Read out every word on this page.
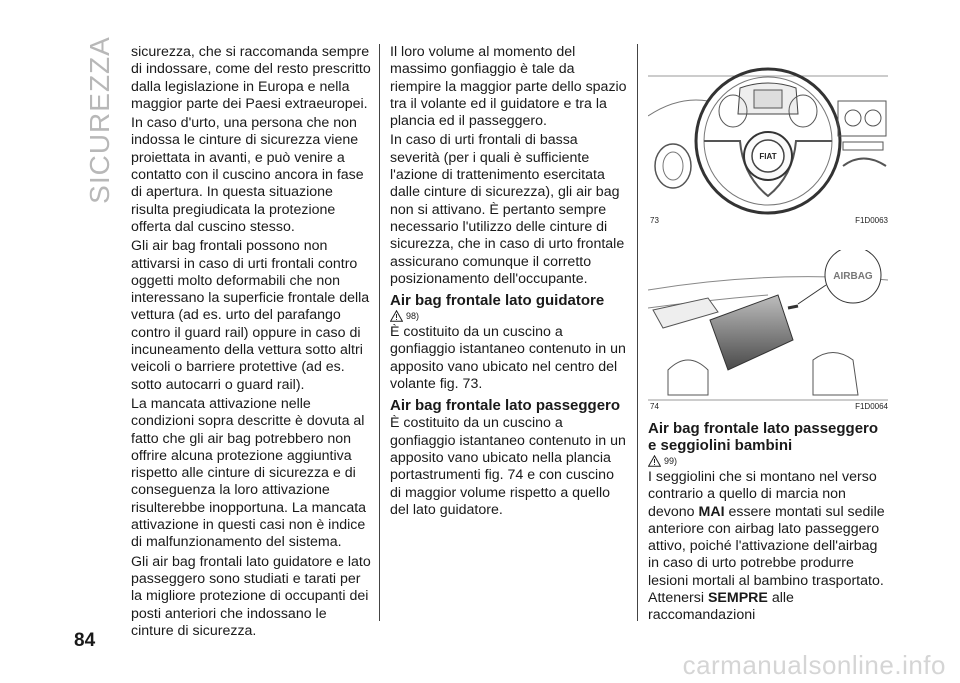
SICUREZZA sicurezza, che si raccomanda sempre di indossare, come del resto prescritto dalla legislazione in Europa e nella maggior parte dei Paesi extraeuropei.

In caso d'urto, una persona che non indossa le cinture di sicurezza viene proiettata in avanti, e può venire a contatto con il cuscino ancora in fase di apertura. In questa situazione risulta pregiudicata la protezione offerta dal cuscino stesso.

Gli air bag frontali possono non attivarsi in caso di urti frontali contro oggetti molto deformabili che non interessano la superficie frontale della vettura (ad es. urto del parafango contro il guard rail) oppure in caso di incuneamento della vettura sotto altri veicoli o barriere protettive (ad es. sotto autocarri o guard rail).

La mancata attivazione nelle condizioni sopra descritte è dovuta al fatto che gli air bag potrebbero non offrire alcuna protezione aggiuntiva rispetto alle cinture di sicurezza e di conseguenza la loro attivazione risulterebbe inopportuna. La mancata attivazione in questi casi non è indice di malfunzionamento del sistema.

Gli air bag frontali lato guidatore e lato passeggero sono studiati e tarati per la migliore protezione di occupanti dei posti anteriori che indossano le cinture di sicurezza.

Il loro volume al momento del massimo gonfiaggio è tale da riempire la maggior parte dello spazio tra il volante ed il guidatore e tra la plancia ed il passeggero.

In caso di urti frontali di bassa severità (per i quali è sufficiente l'azione di trattenimento esercitata dalle cinture di sicurezza), gli air bag non si attivano. È pertanto sempre necessario l'utilizzo delle cinture di sicurezza, che in caso di urto frontale assicurano comunque il corretto posizionamento dell'occupante.

Air bag frontale lato guidatore
98)

È costituito da un cuscino a gonfiaggio istantaneo contenuto in un apposito vano ubicato nel centro del volante fig. 73.

Air bag frontale lato passeggero

È costituito da un cuscino a gonfiaggio istantaneo contenuto in un apposito vano ubicato nella plancia portastrumenti fig. 74 e con cuscino di maggior volume rispetto a quello del lato guidatore.

FIAT
73	F1D0063
AIRBAG
74	F1D0064
Air bag frontale lato passeggero e seggiolini bambini
99)

I seggiolini che si montano nel verso contrario a quello di marcia non devono MAI essere montati sul sedile anteriore con airbag lato passeggero attivo, poiché l'attivazione dell'airbag in caso di urto potrebbe produrre lesioni mortali al bambino trasportato. Attenersi SEMPRE alle raccomandazioni

84
carmanualsonline.info
